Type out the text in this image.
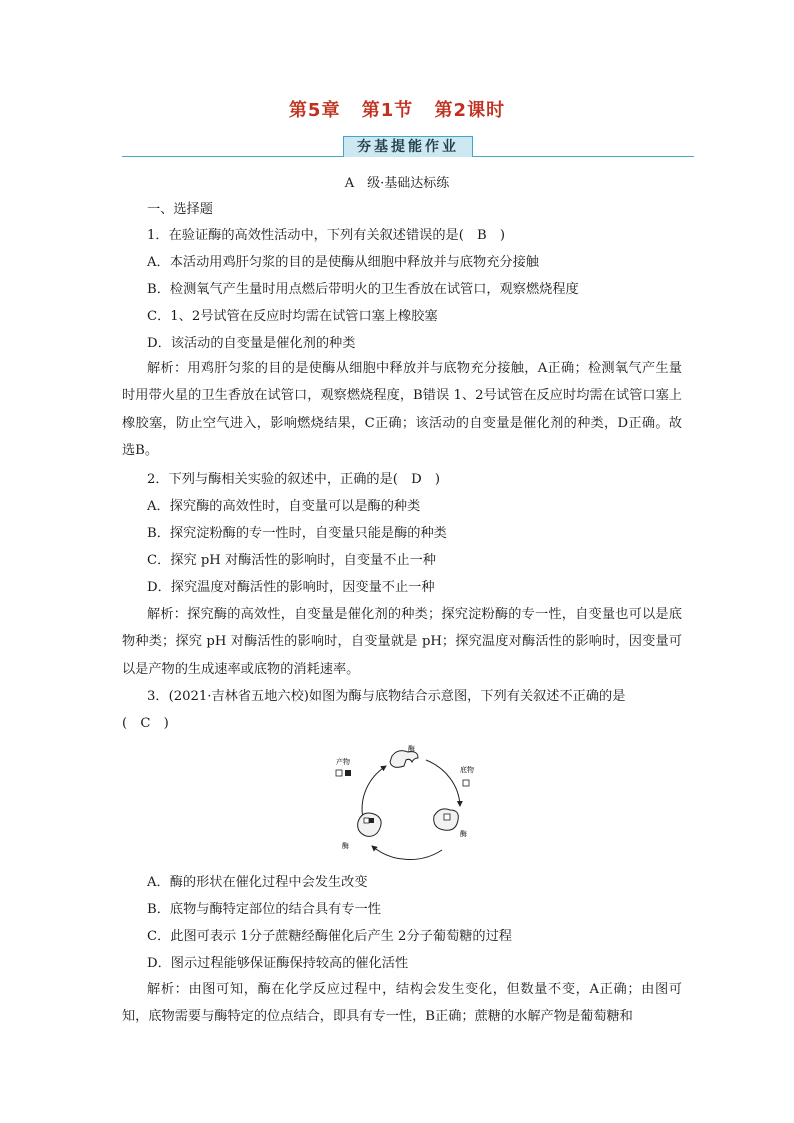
第5章 第1节 第2课时
夯基提能作业
A　级·基础达标练
一、选择题
1．在验证酶的高效性活动中，下列有关叙述错误的是(　B　)
A．本活动用鸡肝匀浆的目的是使酶从细胞中释放并与底物充分接触
B．检测氧气产生量时用点燃后带明火的卫生香放在试管口，观察燃烧程度
C．1、2号试管在反应时均需在试管口塞上橡胶塞
D．该活动的自变量是催化剂的种类
解析：用鸡肝匀浆的目的是使酶从细胞中释放并与底物充分接触，A正确；检测氧气产生量时用带火星的卫生香放在试管口，观察燃烧程度，B错误 1、2号试管在反应时均需在试管口塞上橡胶塞，防止空气进入，影响燃烧结果，C正确；该活动的自变量是催化剂的种类，D正确。故选B。
2．下列与酶相关实验的叙述中，正确的是(　D　)
A．探究酶的高效性时，自变量可以是酶的种类
B．探究淀粉酶的专一性时，自变量只能是酶的种类
C．探究 pH 对酶活性的影响时，自变量不止一种
D．探究温度对酶活性的影响时，因变量不止一种
解析：探究酶的高效性，自变量是催化剂的种类；探究淀粉酶的专一性，自变量也可以是底物种类；探究 pH 对酶活性的影响时，自变量就是 pH；探究温度对酶活性的影响时，因变量可以是产物的生成速率或底物的消耗速率。
3．(2021·吉林省五地六校)如图为酶与底物结合示意图，下列有关叙述不正确的是
(　C　)
酶
底物
酶
酶
产物
A．酶的形状在催化过程中会发生改变
B．底物与酶特定部位的结合具有专一性
C．此图可表示 1分子蔗糖经酶催化后产生 2分子葡萄糖的过程
D．图示过程能够保证酶保持较高的催化活性
解析：由图可知，酶在化学反应过程中，结构会发生变化，但数量不变，A正确；由图可知，底物需要与酶特定的位点结合，即具有专一性，B正确；蔗糖的水解产物是葡萄糖和
